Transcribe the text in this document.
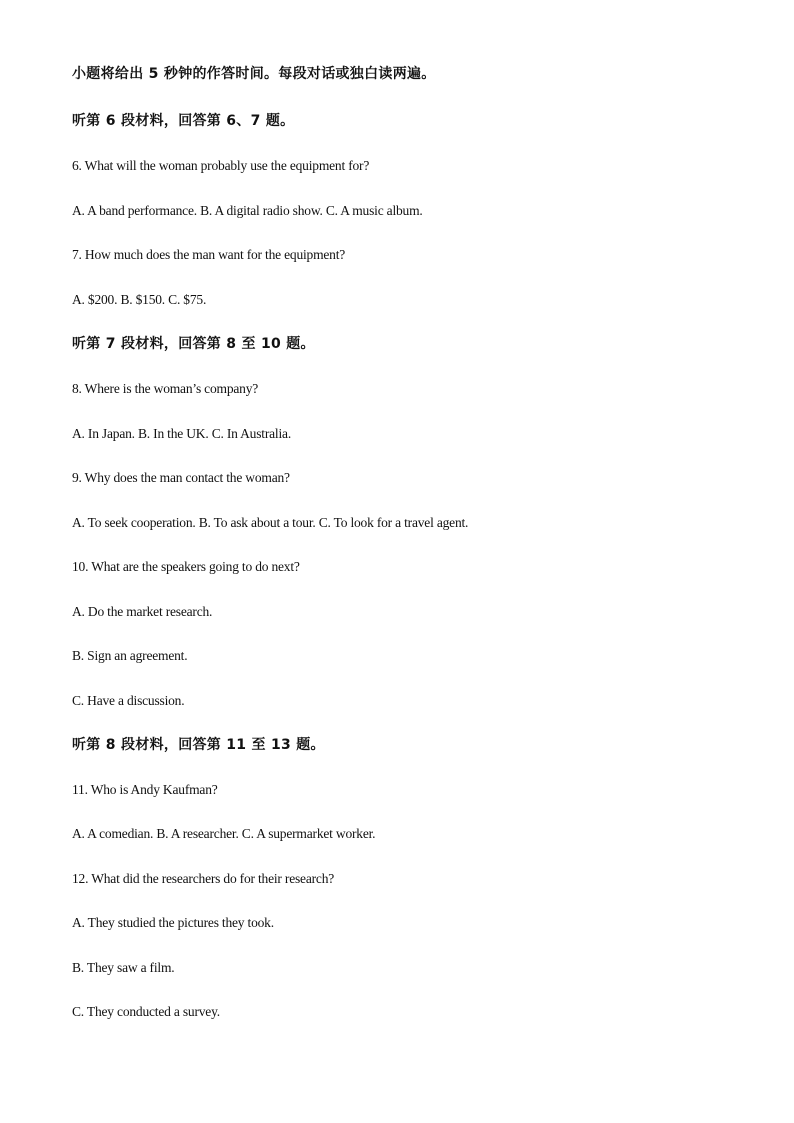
小题将给出 5 秒钟的作答时间。每段对话或独白读两遍。
听第 6 段材料，回答第 6、7 题。
6. What will the woman probably use the equipment for?
A. A band performance. B. A digital radio show. C. A music album.
7. How much does the man want for the equipment?
A. $200. B. $150. C. $75.
听第 7 段材料，回答第 8 至 10 题。
8. Where is the woman’s company?
A. In Japan. B. In the UK. C. In Australia.
9. Why does the man contact the woman?
A. To seek cooperation. B. To ask about a tour. C. To look for a travel agent.
10. What are the speakers going to do next?
A. Do the market research.
B. Sign an agreement.
C. Have a discussion.
听第 8 段材料，回答第 11 至 13 题。
11. Who is Andy Kaufman?
A. A comedian. B. A researcher. C. A supermarket worker.
12. What did the researchers do for their research?
A. They studied the pictures they took.
B. They saw a film.
C. They conducted a survey.
